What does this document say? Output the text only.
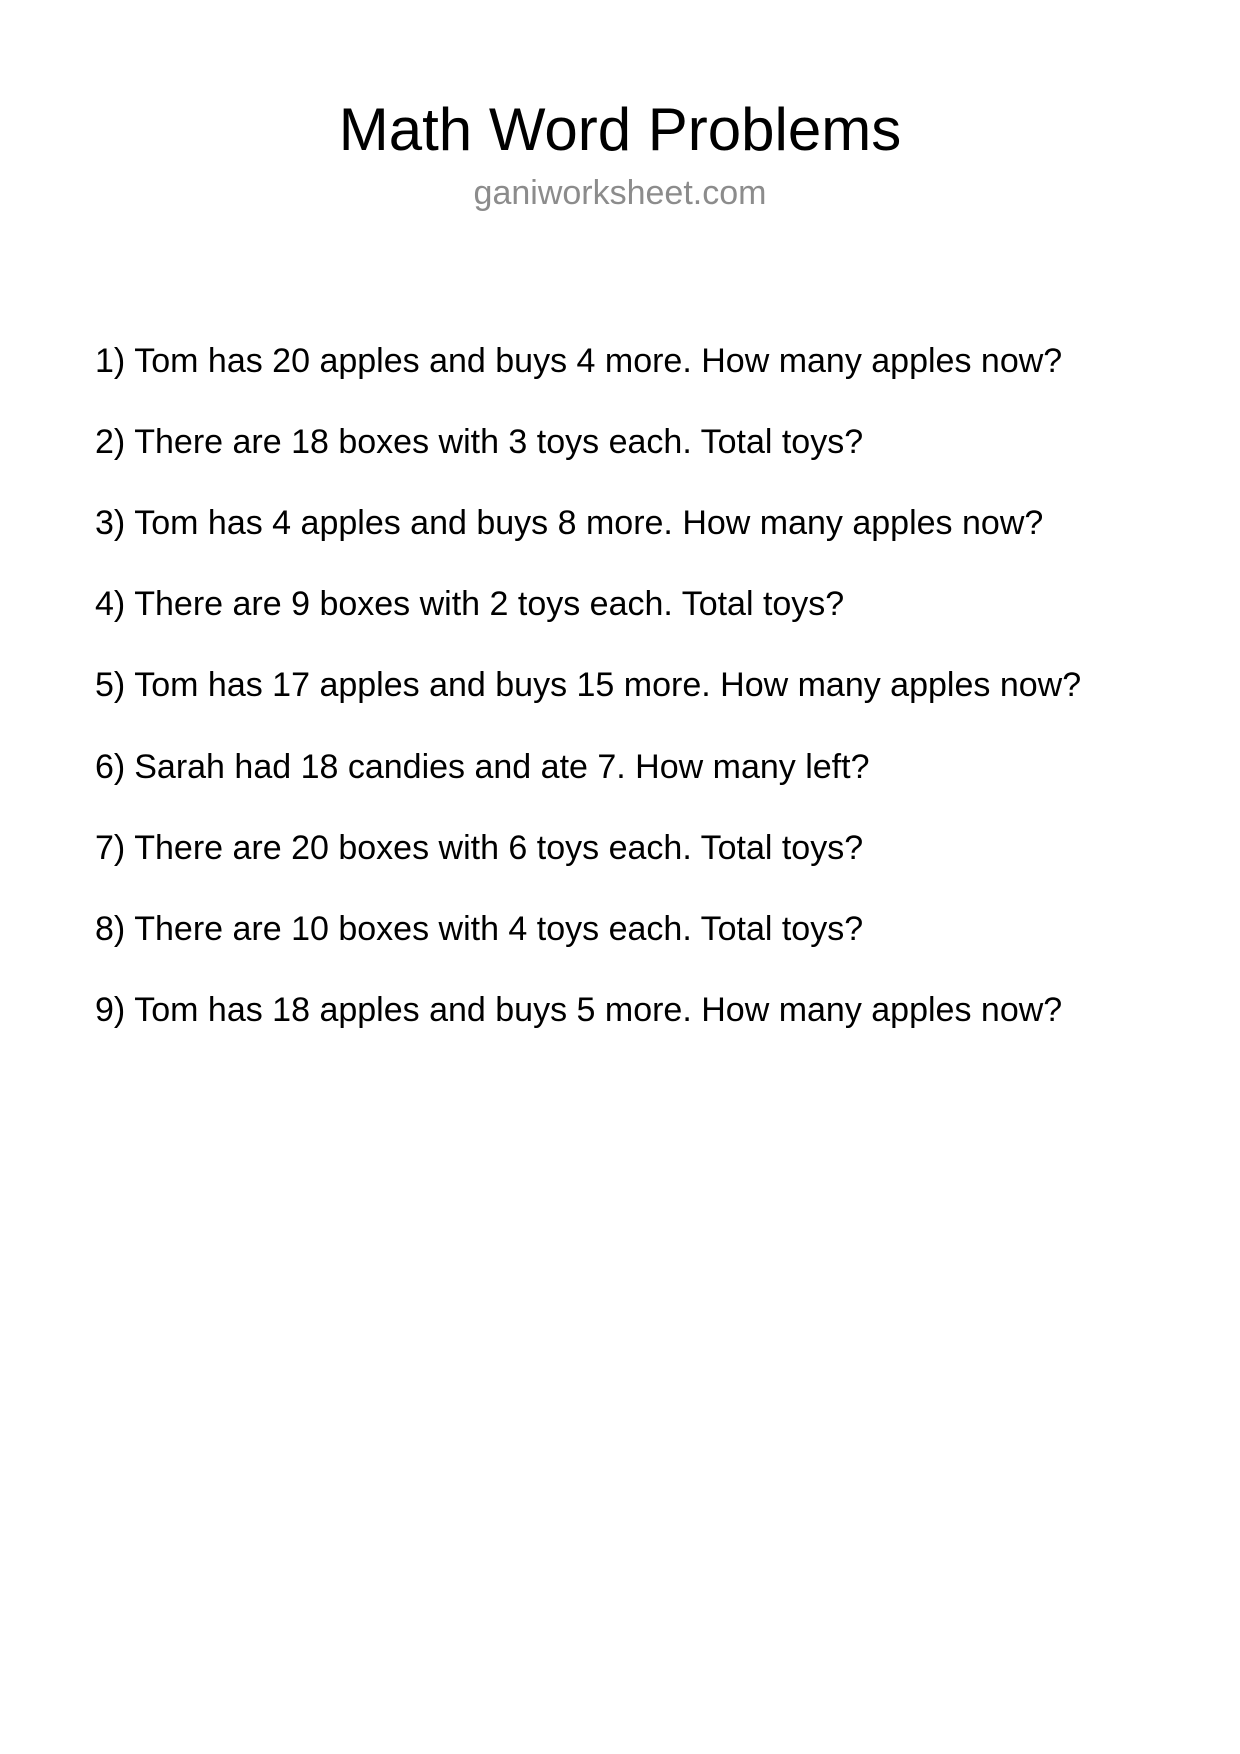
Math Word Problems
ganiworksheet.com
1) Tom has 20 apples and buys 4 more. How many apples now?
2) There are 18 boxes with 3 toys each. Total toys?
3) Tom has 4 apples and buys 8 more. How many apples now?
4) There are 9 boxes with 2 toys each. Total toys?
5) Tom has 17 apples and buys 15 more. How many apples now?
6) Sarah had 18 candies and ate 7. How many left?
7) There are 20 boxes with 6 toys each. Total toys?
8) There are 10 boxes with 4 toys each. Total toys?
9) Tom has 18 apples and buys 5 more. How many apples now?
